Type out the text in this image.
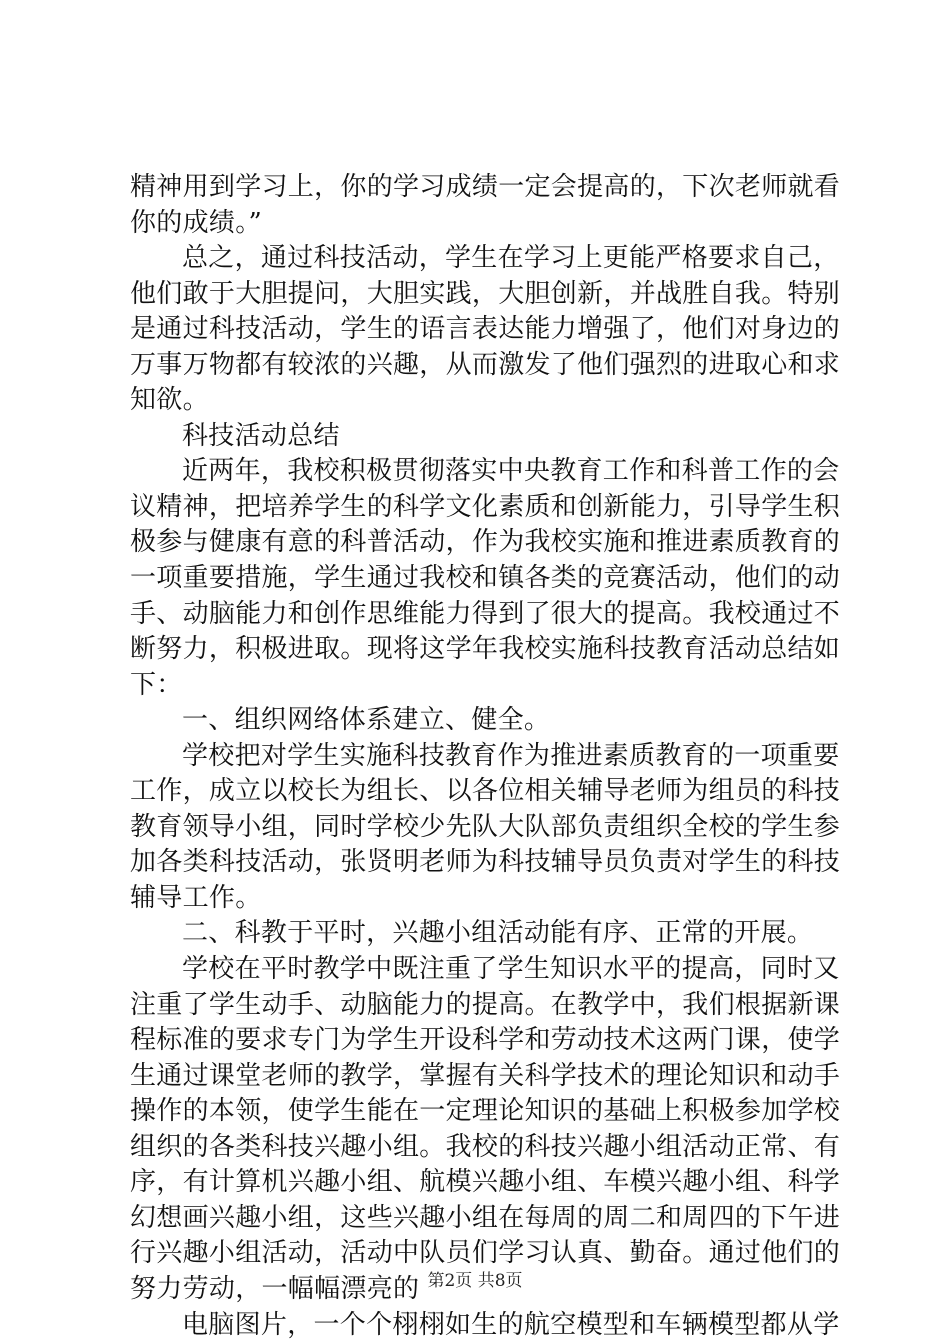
精神用到学习上，你的学习成绩一定会提高的，下次老师就看
你的成绩。”
总之，通过科技活动，学生在学习上更能严格要求自己，
他们敢于大胆提问，大胆实践，大胆创新，并战胜自我。特别
是通过科技活动，学生的语言表达能力增强了，他们对身边的
万事万物都有较浓的兴趣，从而激发了他们强烈的进取心和求
知欲。
科技活动总结
近两年，我校积极贯彻落实中央教育工作和科普工作的会
议精神，把培养学生的科学文化素质和创新能力，引导学生积
极参与健康有意的科普活动，作为我校实施和推进素质教育的
一项重要措施，学生通过我校和镇各类的竞赛活动，他们的动
手、动脑能力和创作思维能力得到了很大的提高。我校通过不
断努力，积极进取。现将这学年我校实施科技教育活动总结如
下：
一、组织网络体系建立、健全。
学校把对学生实施科技教育作为推进素质教育的一项重要
工作，成立以校长为组长、以各位相关辅导老师为组员的科技
教育领导小组，同时学校少先队大队部负责组织全校的学生参
加各类科技活动，张贤明老师为科技辅导员负责对学生的科技
辅导工作。
二、科教于平时，兴趣小组活动能有序、正常的开展。
学校在平时教学中既注重了学生知识水平的提高，同时又
注重了学生动手、动脑能力的提高。在教学中，我们根据新课
程标准的要求专门为学生开设科学和劳动技术这两门课，使学
生通过课堂老师的教学，掌握有关科学技术的理论知识和动手
操作的本领，使学生能在一定理论知识的基础上积极参加学校
组织的各类科技兴趣小组。我校的科技兴趣小组活动正常、有
序，有计算机兴趣小组、航模兴趣小组、车模兴趣小组、科学
幻想画兴趣小组，这些兴趣小组在每周的周二和周四的下午进
行兴趣小组活动，活动中队员们学习认真、勤奋。通过他们的
努力劳动，一幅幅漂亮的
电脑图片，一个个栩栩如生的航空模型和车辆模型都从学
第2页 共8页
